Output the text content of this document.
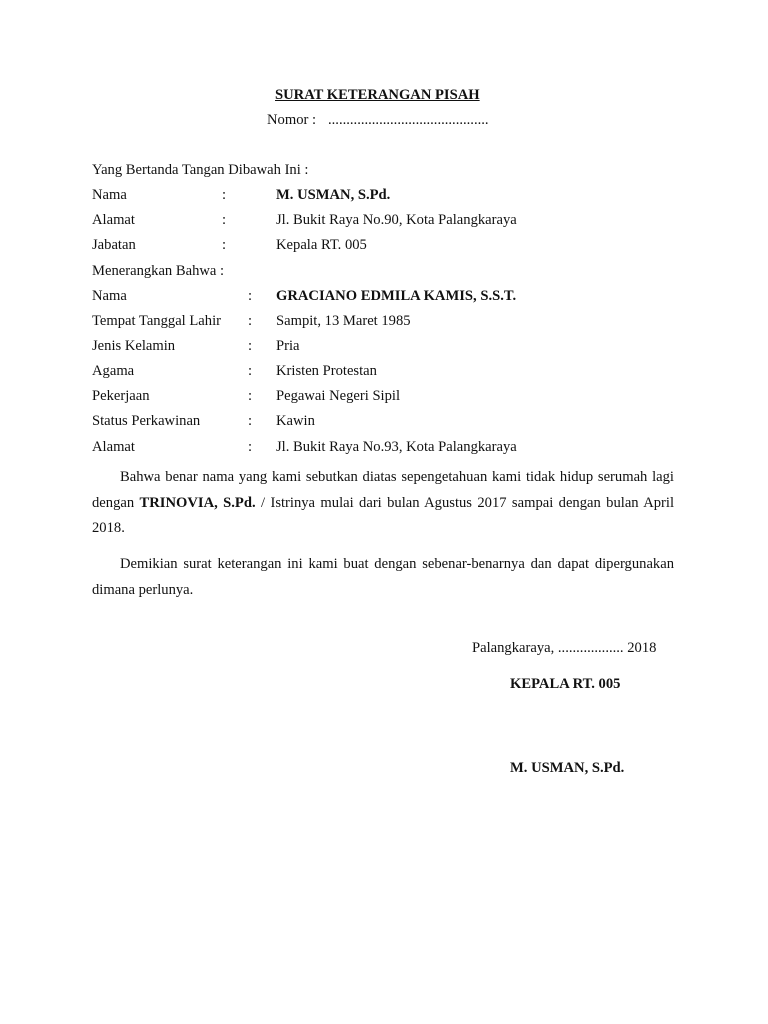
SURAT KETERANGAN PISAH
Nomor : ............................................
Yang Bertanda Tangan Dibawah Ini :
Nama	:	M. USMAN, S.Pd.
Alamat	:	Jl. Bukit Raya No.90, Kota Palangkaraya
Jabatan	:	Kepala RT. 005
Menerangkan Bahwa :
Nama	: GRACIANO EDMILA KAMIS, S.S.T.
Tempat Tanggal Lahir : Sampit, 13 Maret 1985
Jenis Kelamin	: Pria
Agama	: Kristen Protestan
Pekerjaan	: Pegawai Negeri Sipil
Status Perkawinan	: Kawin
Alamat	: Jl. Bukit Raya No.93, Kota Palangkaraya
Bahwa benar nama yang kami sebutkan diatas sepengetahuan kami tidak hidup serumah lagi dengan TRINOVIA, S.Pd. / Istrinya mulai dari bulan Agustus 2017 sampai dengan bulan April 2018.
Demikian surat keterangan ini kami buat dengan sebenar-benarnya dan dapat dipergunakan dimana perlunya.
Palangkaraya, .................. 2018
KEPALA RT. 005
M. USMAN, S.Pd.
